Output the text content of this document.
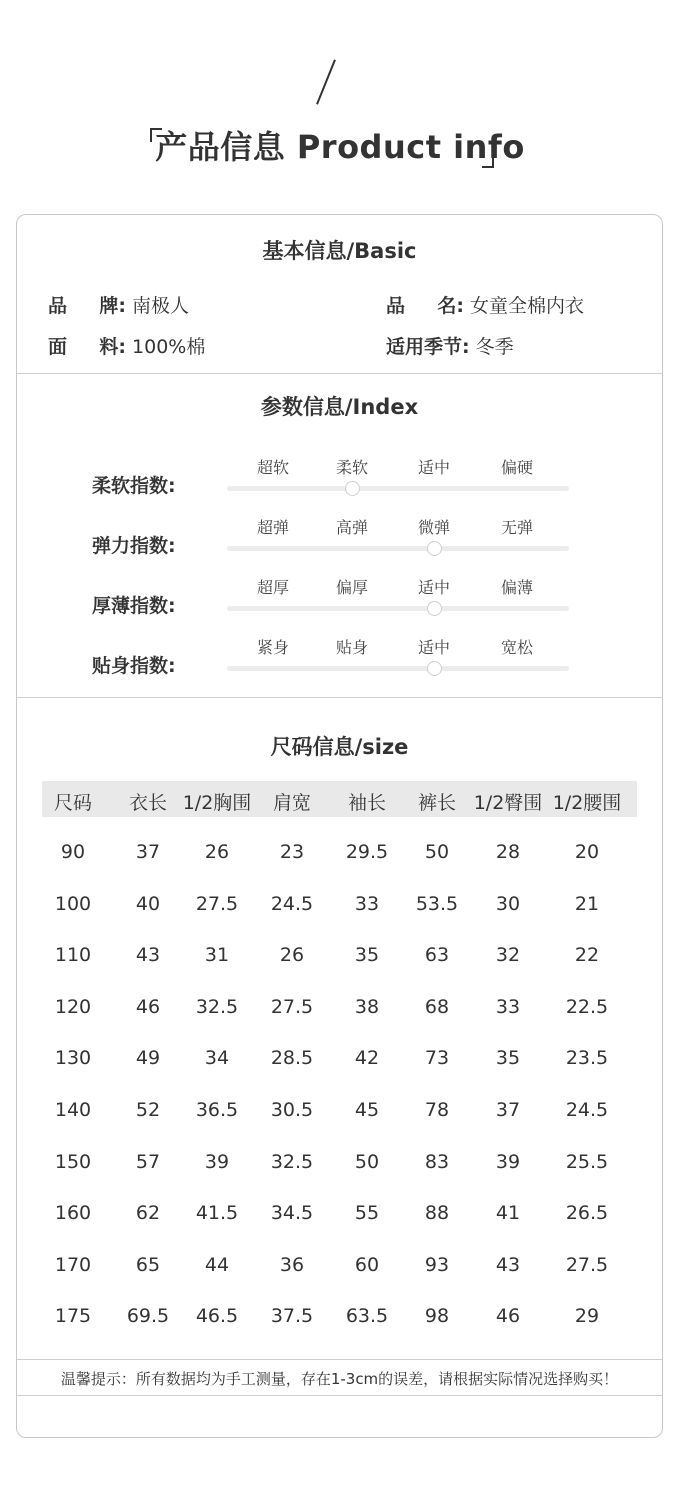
产品信息 Product info
基本信息/Basic
品 牌: 南极人	品 名: 女童全棉内衣
面 料: 100%棉	适用季节: 冬季
参数信息/Index
柔软指数:
超软	柔软	适中	偏硬
弹力指数:
超弹	高弹	微弹	无弹
厚薄指数:
超厚	偏厚	适中	偏薄
贴身指数:
紧身	贴身	适中	宽松
尺码信息/size
尺码 衣长 1/2胸围 肩宽 袖长 裤长 1/2臀围 1/2腰围
90	37 26	23 29.5 50 28	20
100 40 27.5 24.5 33 53.5 30	21
110 43 31	26	35 63 32	22
120 46 32.5 27.5 38 68 33 22.5
130 49 34 28.5 42 73 35 23.5
140 52 36.5 30.5 45 78 37 24.5
150 57 39 32.5 50 83 39 25.5
160 62 41.5 34.5 55 88 41 26.5
170 65 44	36	60 93 43 27.5
175 69.5 46.5 37.5 63.5 98 46	29
温馨提示：所有数据均为手工测量，存在1-3cm的误差，请根据实际情况选择购买！
